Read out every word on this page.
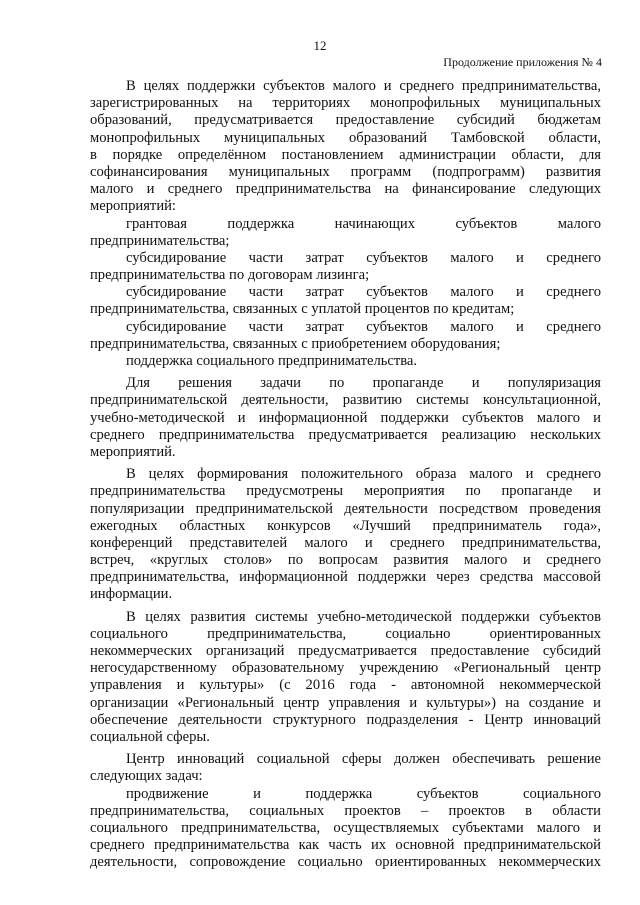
12
Продолжение приложения № 4
В целях поддержки субъектов малого и среднего предпринимательства,
зарегистрированных на территориях монопрофильных муниципальных
образований, предусматривается предоставление субсидий бюджетам
монопрофильных муниципальных образований Тамбовской области,
в порядке определённом постановлением администрации области, для
софинансирования муниципальных программ (подпрограмм) развития
малого и среднего предпринимательства на финансирование следующих
мероприятий:
грантовая поддержка начинающих субъектов малого
предпринимательства;
субсидирование части затрат субъектов малого и среднего
предпринимательства по договорам лизинга;
субсидирование части затрат субъектов малого и среднего
предпринимательства, связанных с уплатой процентов по кредитам;
субсидирование части затрат субъектов малого и среднего
предпринимательства, связанных с приобретением оборудования;
поддержка социального предпринимательства.
Для решения задачи по пропаганде и популяризация
предпринимательской деятельности, развитию системы консультационной,
учебно-методической и информационной поддержки субъектов малого и
среднего предпринимательства предусматривается реализацию нескольких
мероприятий.
В целях формирования положительного образа малого и среднего
предпринимательства предусмотрены мероприятия по пропаганде и
популяризации предпринимательской деятельности посредством проведения
ежегодных областных конкурсов «Лучший предприниматель года»,
конференций представителей малого и среднего предпринимательства,
встреч, «круглых столов» по вопросам развития малого и среднего
предпринимательства, информационной поддержки через средства массовой
информации.
В целях развития системы учебно-методической поддержки субъектов
социального предпринимательства, социально ориентированных
некоммерческих организаций предусматривается предоставление субсидий
негосударственному образовательному учреждению «Региональный центр
управления и культуры» (с 2016 года - автономной некоммерческой
организации «Региональный центр управления и культуры») на создание и
обеспечение деятельности структурного подразделения - Центр инноваций
социальной сферы.
Центр инноваций социальной сферы должен обеспечивать решение
следующих задач:
продвижение и поддержка субъектов социального
предпринимательства, социальных проектов – проектов в области
социального предпринимательства, осуществляемых субъектами малого и
среднего предпринимательства как часть их основной предпринимательской
деятельности, сопровождение социально ориентированных некоммерческих
